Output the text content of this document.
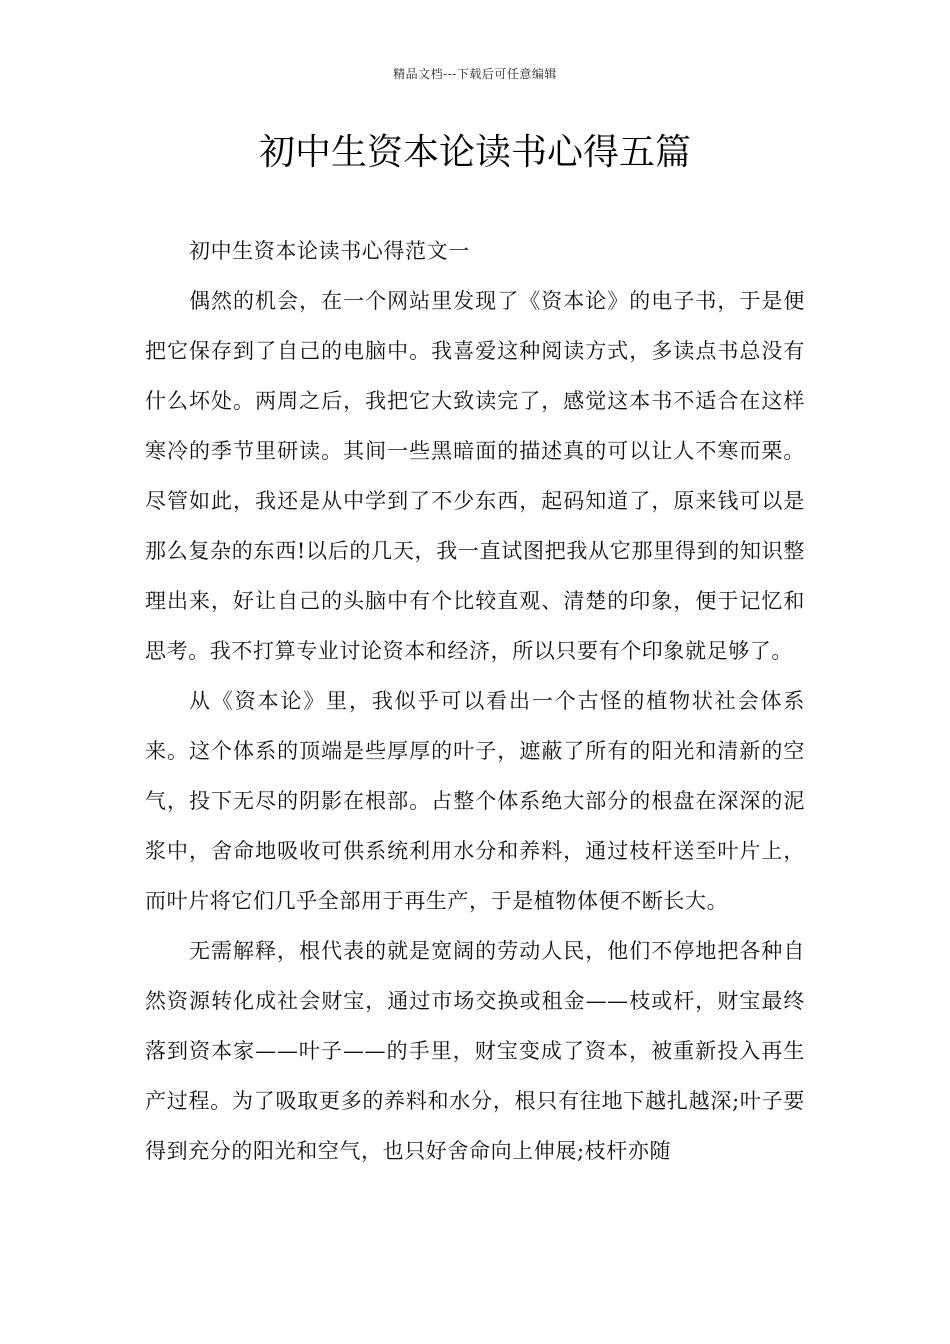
精品文档---下载后可任意编辑
初中生资本论读书心得五篇

初中生资本论读书心得范文一

偶然的机会，在一个网站里发现了《资本论》的电子书，于是便把它保存到了自己的电脑中。我喜爱这种阅读方式，多读点书总没有什么坏处。两周之后，我把它大致读完了，感觉这本书不适合在这样寒冷的季节里研读。其间一些黑暗面的描述真的可以让人不寒而栗。尽管如此，我还是从中学到了不少东西，起码知道了，原来钱可以是那么复杂的东西!以后的几天，我一直试图把我从它那里得到的知识整理出来，好让自己的头脑中有个比较直观、清楚的印象，便于记忆和思考。我不打算专业讨论资本和经济，所以只要有个印象就足够了。

从《资本论》里，我似乎可以看出一个古怪的植物状社会体系来。这个体系的顶端是些厚厚的叶子，遮蔽了所有的阳光和清新的空气，投下无尽的阴影在根部。占整个体系绝大部分的根盘在深深的泥浆中，舍命地吸收可供系统利用水分和养料，通过枝杆送至叶片上，而叶片将它们几乎全部用于再生产，于是植物体便不断长大。

无需解释，根代表的就是宽阔的劳动人民，他们不停地把各种自然资源转化成社会财宝，通过市场交换或租金——枝或杆，财宝最终落到资本家——叶子——的手里，财宝变成了资本，被重新投入再生产过程。为了吸取更多的养料和水分，根只有往地下越扎越深;叶子要得到充分的阳光和空气，也只好舍命向上伸展;枝杆亦随
